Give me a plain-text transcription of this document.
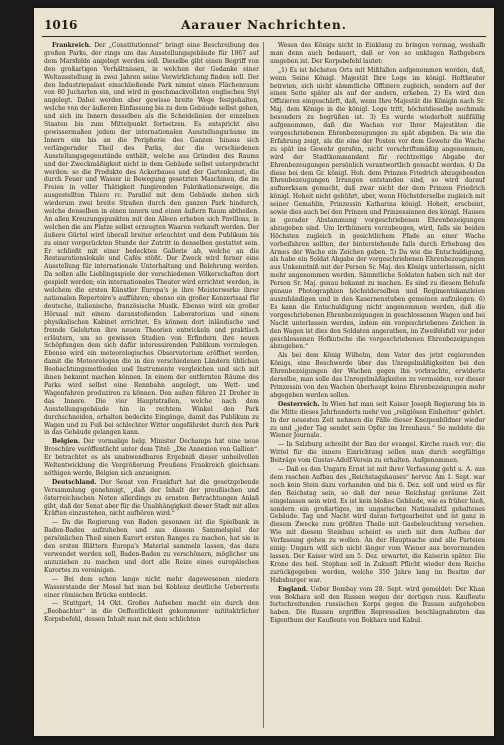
1016	Aarauer Nachrichten.

Frankreich. Der „Constitutionnel“ bringt eine Beschreibung des großen Parks, der rings um das Ausstellungsgebäude für 1867 auf dem Marsfelde angelegt werden soll. Dieselbe gibt einen Begriff von den großartigen Verhältnissen, in welchen der Gedanke einer Weltausstellung in zwei Jahren seine Verwirklichung finden soll. Der den Industriepalast einschließende Park nimmt einen Flächenraum von 80 Jucharten ein, und wird in geschmackvollsten englischen Styl angelegt. Dabei werden aber gewisse breite Wege festgehalten, welche von der äußeren Einfassung bis zu dem Gebäude selbst gehen, und sich im Innern desselben als die Scheidelinien der einzelnen Staaten bis zum Mittelpunkt fortsetzen. Es entspricht also gewissermaßen jedem der internationalen Ausstellungsräume im Innern ein bis an die Peripherie des Ganzen hinaus sich verlängernder Theil des Parks, der die verschiedenen Ausstellungsgegenstände enthält, welche aus Gründen des Raums und der Zweckmäßigkeit nicht in dem Gebäude selbst untergebracht werden: so die Produkte des Ackerbaues und der Gartenkunst, die durch Feuer und Wasser in Bewegung gesetzten Maschinen, die im Freien in voller Thätigkeit fungirenden Fabrikationszweige, die ausgestellten Thiere rc. Parallel mit dem Gebäude ziehen sich wiederum zwei breite Straßen durch den ganzen Park hindurch, welche denselben in einen innern und einen äußern Raum abtheilen. An allen Kreuzungspunkten mit den Alleen erheben sich Pavillons, in welchen die am Platze selbst erzeugten Waaren verkauft werden. Der äußere Gürtel wird überall breiter erleuchtet und dem Publikum bis zu einer vorgerückten Stunde der Zutritt in denselben gestattet sein. Er schließt mit einer bedeckten Gallerie ab, welche an die Restaurationslokale und Cafés stößt. Der Zweck wird ferner eine Ausstellung für internationale Unterhaltung und Belehrung werden. Da sollen alle Lieblingsspiele der verschiedenen Völkerschaften dort gespielt werden; ein internationales Theater wird errichtet werden, in welchem die ersten Künstler Europa's je ihre Meisterwerke ihrer nationalen Repertoire's aufführen; ebenso ein großer Konzertsaal für deutsche, italienische, französische Musik. Ebenso wird ein großer Hörsaal mit einem daranstoßenden Laboratorium und einem physikalischen Kabinet errichtet. Es können dort inländische und fremde Gelehrten ihre neuen Theorien entwickeln und praktisch erläutern, um so gewissen Studien von Erfindern ihre neuen Schöpfungen dem sich dafür interessirenden Publikum vorzulegen. Ebenso wird ein meteorologisches Observatorium eröffnet werden, damit die Meteorologen die in den verschiedenen Ländern üblichen Beobachtungsmethoden und Instrumente vergleichen und sich mit ihnen bekannt machen können. In einem der entfernten Räume des Parks wird selbst eine Rennbahn angelegt, um Wett- und Wagenfahren produziren zu können. Den außen führen 21 Dreher in das Innere. Die vier Hauptstraßen, welche nach dem Ausstellungsgebäude hin in rechtem Winkel den Park durchschneiden, erhalten bedeckte Eingänge, damit das Publikum zu Wagen und zu Fuß bei schlechter Witter ungefährdet durch den Park in das Gebäude gelangen kann.

Belgien. Der vormalige belg. Minister Dechamps hat eine neue Broschüre veröffentlicht unter dem Titel: „Die Annexion von Gallien“. Er betrachtet es als unabwendbares Ergebniß dieser unheilvollen Weltentwicklung die Vergrößerung Preußens Frankreich gleichsam nöthigen werde, Belgien sich anzueignen.

Deutschland. Der Senat von Frankfurt hat die gesetzgebende Versammlung genehmigt, „daß der Inhalt der preußischen und österreichischen Noten allerdings zu ernsten Betrachtungen Anlaß gibt, daß der Senat aber für die Unabhängigkeit dieser Stadt mit allen Kräften einzustehen, nicht aufhören wird.“

— Da die Regierung von Baden gesonnen ist die Spielbank in Baden-Baden aufzuheben und aus diesem Sammelspiel der persönlichen Theil einen Kurort ersten Ranges zu machen, hat sie in den ersten Blättern Europa's Material sammeln lassen, das dazu verwendet werden soll, Baden-Baden zu verschönern, möglicher um anzuziehen zu machen und dort alle Reize eines europäischen Kurortes zu vereinigen.

— Bei dem schon lange nicht mehr dagewesenen niedern Wasserstande der Mosel hat man bei Koblenz deutliche Ueberreste einer römischen Brücke entdeckt.

— Stuttgart, 14 Okt. Großes Aufsehen macht ein durch den „Beobachter“ in die Oeffentlichkeit gekommener mititaktrlicher Korpsbefehl, dessen Inhalt man mit dem schlichten

Wesen des Königs nicht in Einklang zu bringen vermag, weshalb man denn auch bedauert, daß er von so unklugen Rathgebern umgeben ist. Der Korpsbefehl lautet:

„1) Es ist höchsten Orts mit Mißfallen aufgenommen worden, daß, wenn Seine Königl. Majestät Ihre Loge im königl. Hoftheater betreten, sich nicht sämmtliche Offiziere zugleich, sondern auf der einen Seite später als auf der andern, erheben. 2) Es wird den Offizieren eingeschärft, daß, wenn Ihre Majestät die Königin nach Sr. Maj. dem Könige in die königl. Loge tritt, höchstdieselbe nochmals besonders zu begrüßen ist. 3) Es wurde wiederholt mißfällig aufgenommen, daß die Wachen vor Ihrer Majestäten die vorgeschriebenen Ehrenbezeugungen zu spät abgeben. Da wie die Erfahrung zeigt, als die eine der Posten vor dem Gewehr die Wache zu spät ins Gewehr gerufen, nicht vorschriftsmäßig angenommen, wird der Stadtkommandant für rechtzeitige Abgabe der Ehrenbezeugungen persönlich verantwortlich gemacht werden. 4) Da diese bei dem Gr. königl. Hoh. dem Prinzen Friedrich abzugebenden Ehrenbezeugungen Irrungen entstanden sind, so wird darauf aufmerksam gemacht, daß zwar nicht der dem Prinzen Friedrich königl. Hoheit nicht gebührt, aber, wenn Höchstderselbe zugleich mit seiner Gemahlin, Prinzessin Katharina königl. Hoheit, erscheint, sowie dies auch bei den Prinzen und Prinzessinnen des königl. Hauses in gerader Abstammung vorgeschriebenen Ehrenbezeigungen abzugeben sind. Um Irrthümern vorzubeugen, wird, falls sie beiden Höchsten zugleich in gesichtlichem Pfade an einer Wache vorbeifahren sollten, der hinterstehende falls durch Erhebung des Armes der Wache ein Zeichen geben. 5) Da wie die Entschuldigung, als habe ein Soldat Abgabe der vorgeschriebenen Ehrenbezeugungen aus Unkenntniß mit der Person Sr. Maj. des Königs unterlassen, nicht mehr angenommen werden. Sämmtliche Soldaten haben sich mit der Person Sr. Maj. genau bekannt zu machen. Es sind zu diesem Behufe genaue Photographien höchstderselben und Regimentskanzleien auszuhändigen und in den Kasernenstuben gemeinen aufzulegen. 6) Es kann die Entschuldigung nicht angenommen werden, daß die vorgeschriebenen Ehrenbezeigungen in geschlossenen Wagen und bei Nacht unterlassen werden, indem ein vorgeschriebenes Zeichen in den Wagen ist dies den Soldaten angerathen, im Zweifelsfall vor jeder geschlossenen Hofkutsche die vorgeschriebenen Ehrenbezeigungen abzugeben.“

Als bei dem König Wilhelm, dem Vater des jetzt regierenden Königs, eine Beschwerde über das Unregelmäßigkeiten bei den Ehrenbezeigungen der Wachen gegen ihn vorbrachte, erwiderte derselbe, man solle das Unregelmäßigkeiten zu vermeiden, vor dieser Prinzessin von den Wachen überhaupt keine Ehrenbezeigungen mehr abgegeben werden sollen.

Oesterreich. In Wien hat man seit Kaiser Joseph Regierung bis in die Mitte dieses Jahrhunderts mehr von „religiösen Einheiten“ gehört. In der neuesten Zeit nehmen die Fälle dieser Kneipenbildner wieder zu und „jeder Tag sendet sein Opfer ins Irrenhaus.“ So meldete die Wiener Journale.

— In Salzburg schreibt der Bau der evangel. Kirche rasch vor; die Wittel für die innere Einrichtung sollen man durch sorgfältige Beiträge vom Gustav-Adolf-Verein zu erhalten. Aufgenommen.

— Daß es den Ungarn Ernst ist mit ihrer Verfassung geht u. A. aus dem raschen Aufbau des „Reichstagshauses“ hervor. Am 1. Sept. war noch kein Stein dazu vorhanden und bis 6. Dez. soll und wird es für den Reichstag sein, so daß der neue Reichstag geräume Zeit eingelassen sein wird. Es ist kein bloßes Gebäude, wie es früher hieß, sondern ein großartiges, im ungarischen Nationalstil gehaltenes Gebäude. Tag und Nacht wird daran fortgearbeitet und ist ganz in diesem Zwecke zum größten Theile mit Gasbeleuchtung versehen. Wie mit diesem Steinbau scheint es auch mit dem Aufbau der Verfassung gehen zu wollen. An der Hauptsache sind alle Parteien einig: Ungarn will sich nicht länger vom Wiener aus bevormunden lassen. Der Kaiser wird am 5. Dez. erwartet, die Kaiserin später. Die Krone des heil. Stephan soll in Zukunft Pflicht wieder dem Reiche zurückgegeben werden, welche 350 Jahre lang im Besitze der Habsburger war.

England. Ueber Bombay vom 28. Sept. wird gemeldet: Der Khan von Bokhara soll den Russen wegen der dortigen russ. Kaufleute fortschreitenden russischen Korps gegen die Russen aufgehoben haben. Die Russen ergriffen Repressalien beschlagnahmten das Eigenthum der Kaufleute von Bokhara und Kabul.
